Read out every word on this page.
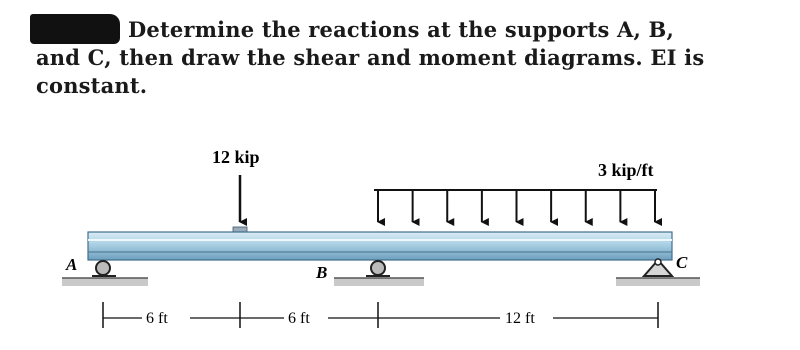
Determine the reactions at the supports A, B,
and C, then draw the shear and moment diagrams. EI is
constant.
12 kip
3 kip/ft
A	B
C
6 ft	6 ft	12 ft
